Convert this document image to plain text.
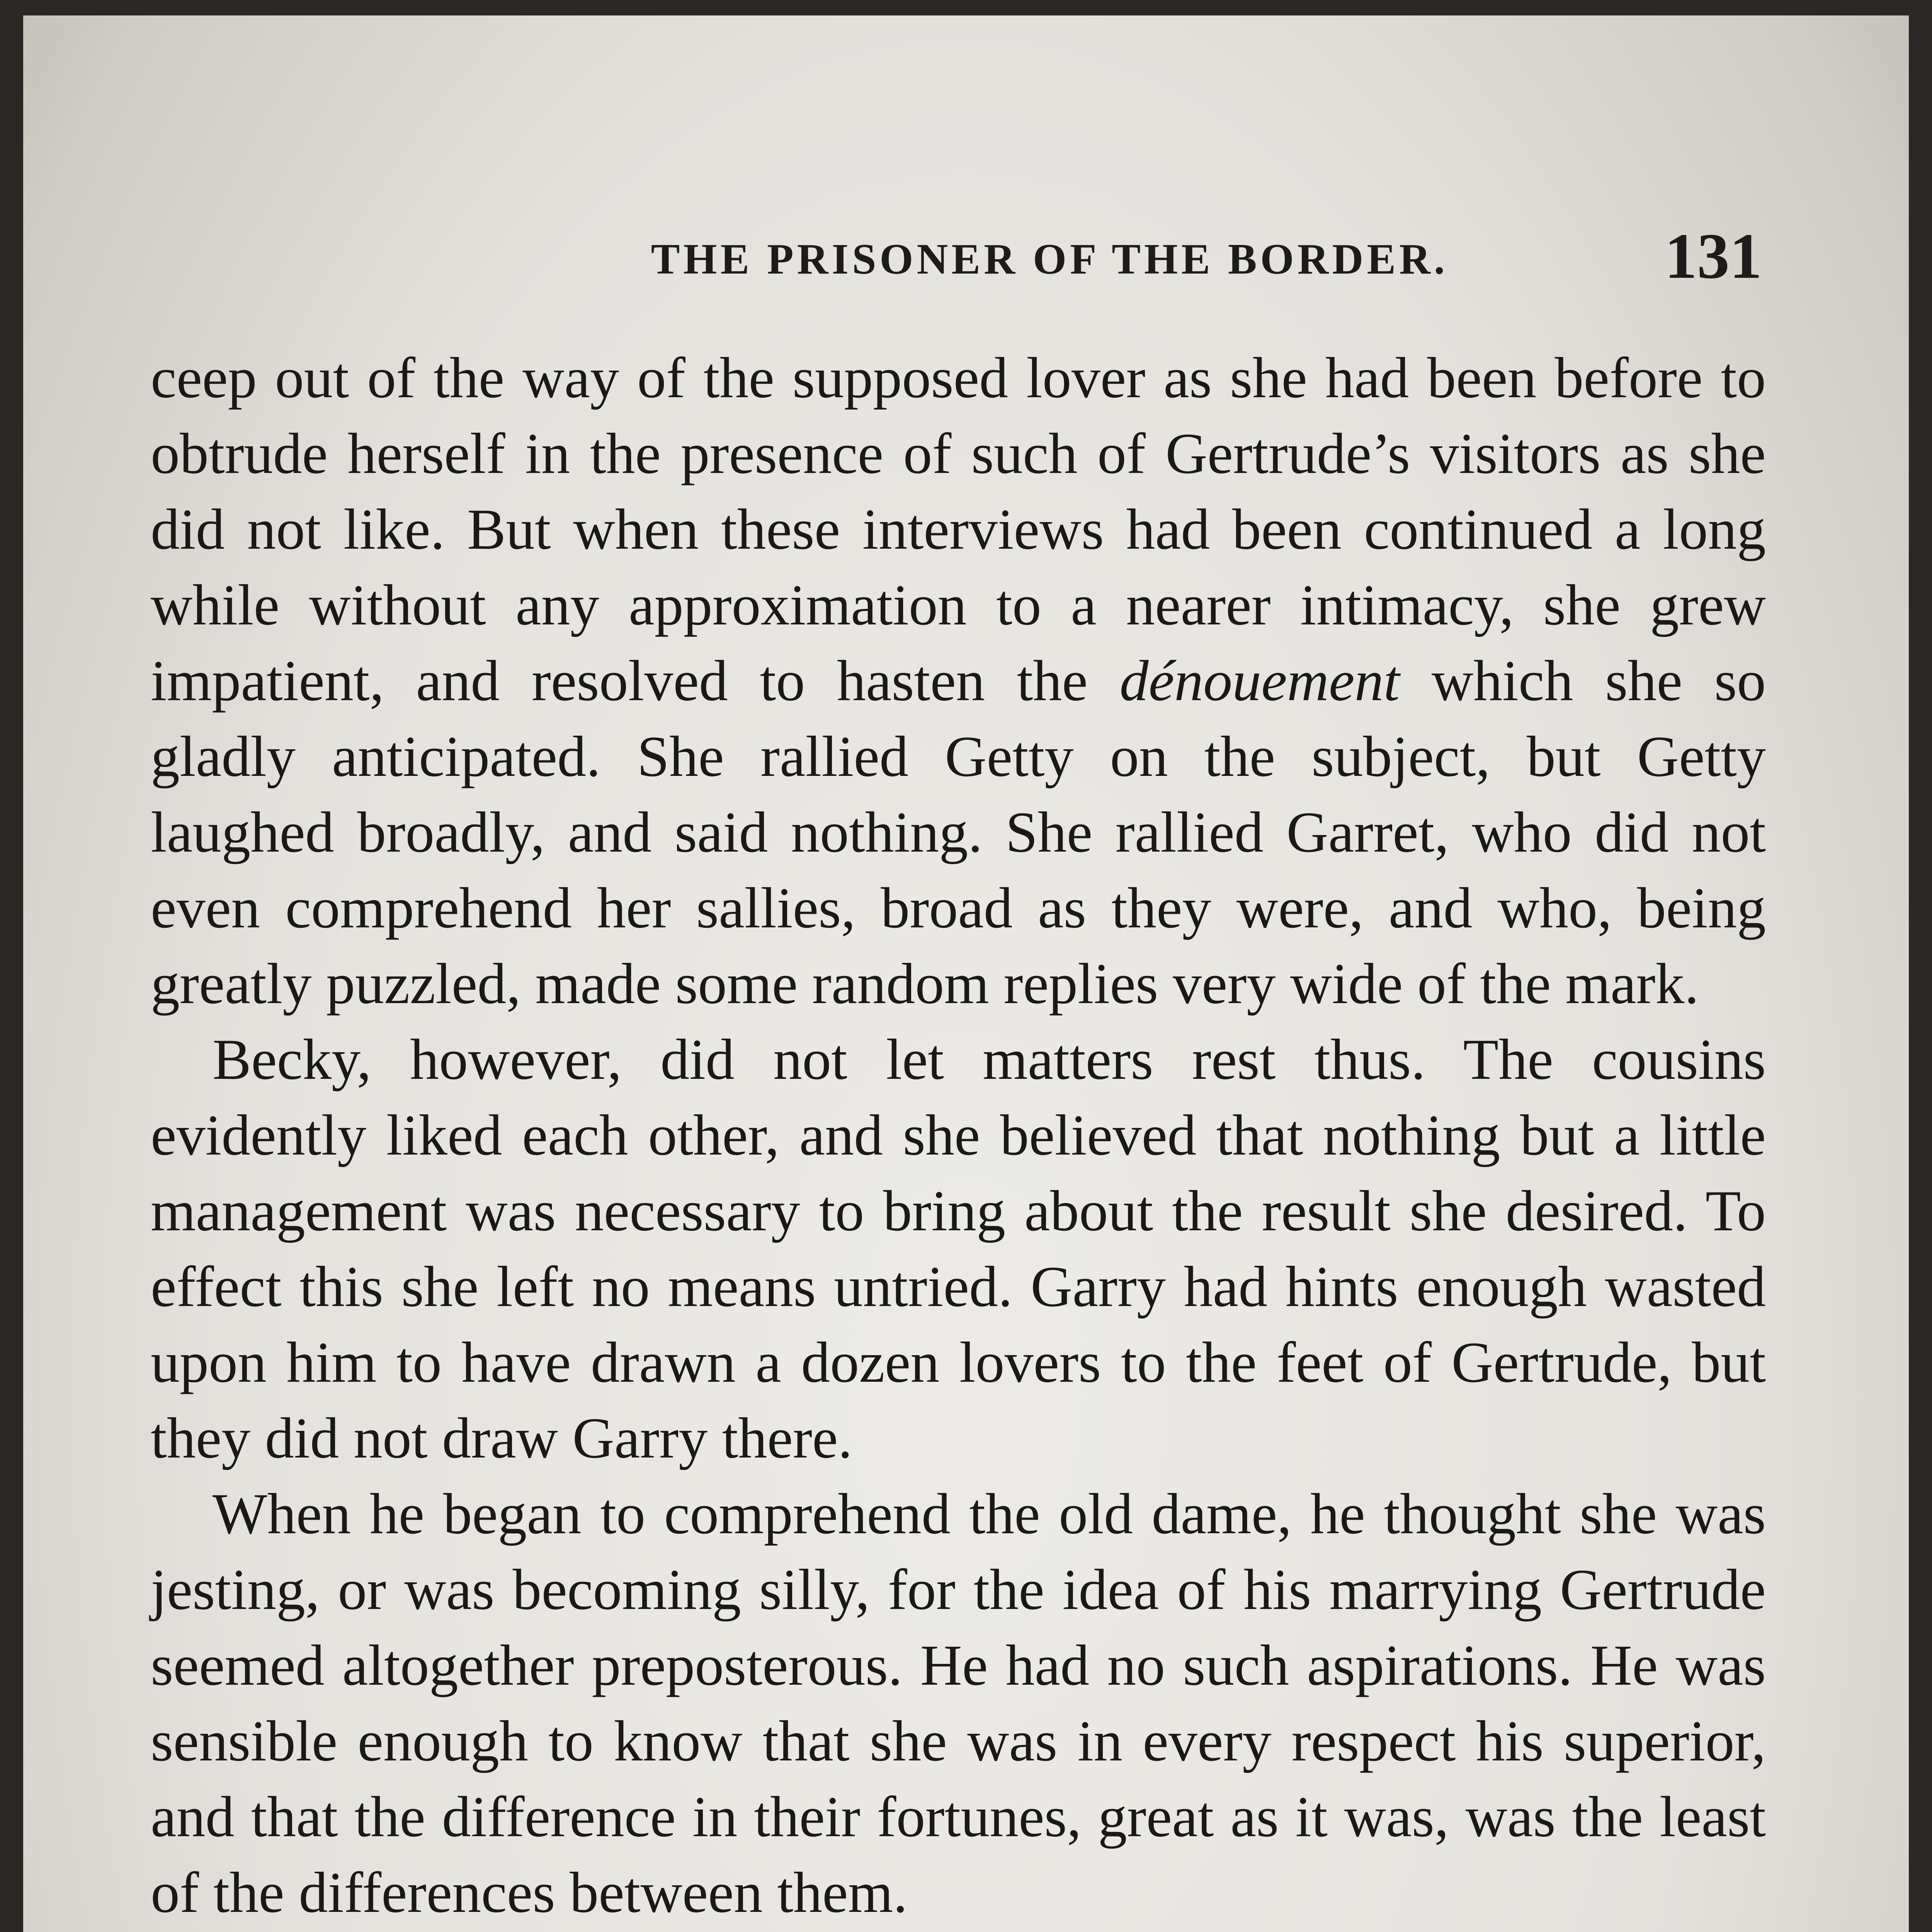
THE PRISONER OF THE BORDER.	131

ceep out of the way of the supposed lover as she had been before to obtrude herself in the presence of such of Gertrude’s visitors as she did not like. But when these interviews had been continued a long while without any approximation to a nearer intimacy, she grew impatient, and resolved to hasten the dénouement which she so gladly anticipated. She rallied Getty on the subject, but Getty laughed broadly, and said nothing. She rallied Garret, who did not even comprehend her sallies, broad as they were, and who, being greatly puzzled, made some random replies very wide of the mark.

Becky, however, did not let matters rest thus. The cousins evidently liked each other, and she believed that nothing but a little management was necessary to bring about the result she desired. To effect this she left no means untried. Garry had hints enough wasted upon him to have drawn a dozen lovers to the feet of Gertrude, but they did not draw Garry there.

When he began to comprehend the old dame, he thought she was jesting, or was becoming silly, for the idea of his marrying Gertrude seemed altogether preposterous. He had no such aspirations. He was sensible enough to know that she was in every respect his superior, and that the difference in their fortunes, great as it was, was the least of the differences between them.
